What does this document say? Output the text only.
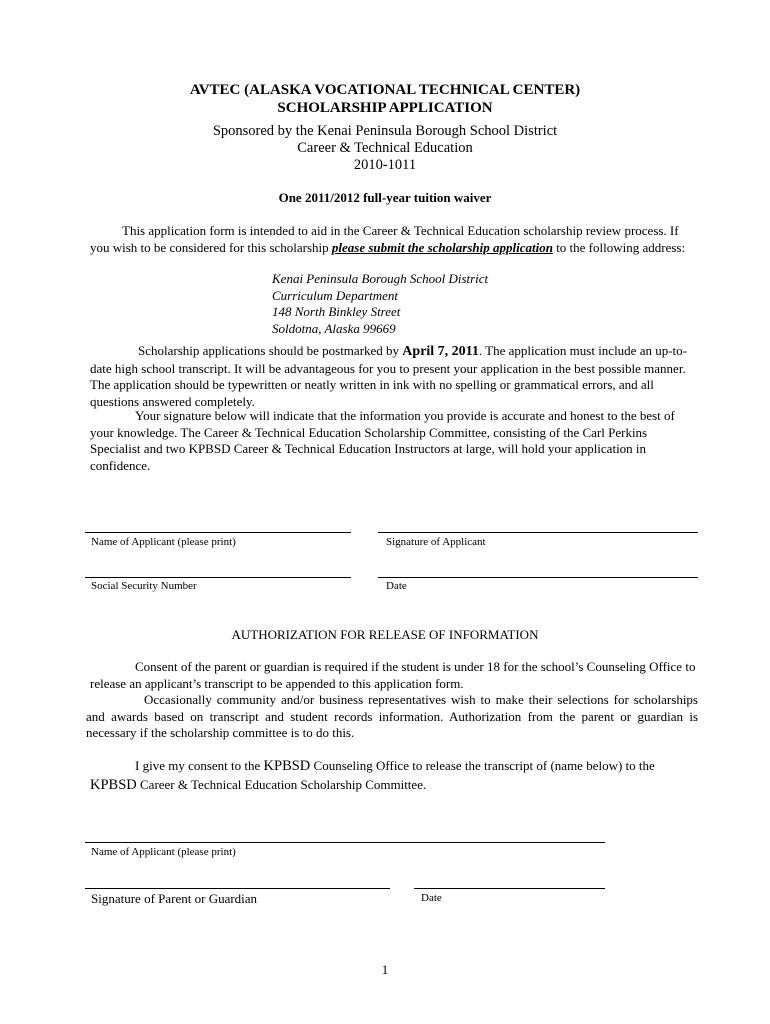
AVTEC (ALASKA VOCATIONAL TECHNICAL CENTER)
SCHOLARSHIP APPLICATION
Sponsored by the Kenai Peninsula Borough School District
Career & Technical Education
2010-1011
One 2011/2012 full-year tuition waiver
This application form is intended to aid in the Career & Technical Education scholarship review process. If you wish to be considered for this scholarship please submit the scholarship application to the following address:
Kenai Peninsula Borough School District
Curriculum Department
148 North Binkley Street
Soldotna, Alaska 99669
Scholarship applications should be postmarked by April 7, 2011. The application must include an up-to-date high school transcript. It will be advantageous for you to present your application in the best possible manner. The application should be typewritten or neatly written in ink with no spelling or grammatical errors, and all questions answered completely.
Your signature below will indicate that the information you provide is accurate and honest to the best of your knowledge. The Career & Technical Education Scholarship Committee, consisting of the Carl Perkins Specialist and two KPBSD Career & Technical Education Instructors at large, will hold your application in confidence.
Name of Applicant (please print)	Signature of Applicant
Social Security Number	Date
AUTHORIZATION FOR RELEASE OF INFORMATION
Consent of the parent or guardian is required if the student is under 18 for the school’s Counseling Office to release an applicant’s transcript to be appended to this application form.
Occasionally community and/or business representatives wish to make their selections for scholarships and awards based on transcript and student records information. Authorization from the parent or guardian is necessary if the scholarship committee is to do this.
I give my consent to the KPBSD Counseling Office to release the transcript of (name below) to the KPBSD Career & Technical Education Scholarship Committee.
Name of Applicant (please print)
Signature of Parent or Guardian	Date
1
